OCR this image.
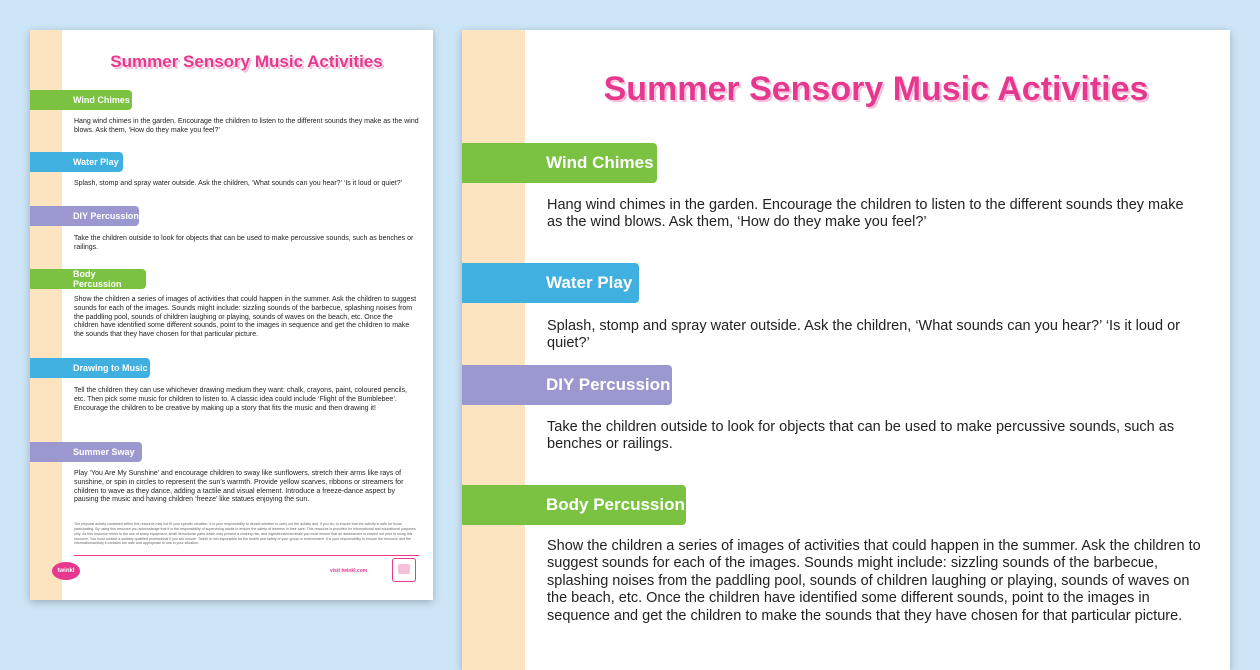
Summer Sensory Music Activities
Wind Chimes
Hang wind chimes in the garden. Encourage the children to listen to the different sounds they make as the wind blows. Ask them, ‘How do they make you feel?’
Water Play
Splash, stomp and spray water outside. Ask the children, ‘What sounds can you hear?’ ‘Is it loud or quiet?’
DIY Percussion
Take the children outside to look for objects that can be used to make percussive sounds, such as benches or railings.
Body Percussion
Show the children a series of images of activities that could happen in the summer. Ask the children to suggest sounds for each of the images. Sounds might include: sizzling sounds of the barbecue, splashing noises from the paddling pool, sounds of children laughing or playing, sounds of waves on the beach, etc. Once the children have identified some different sounds, point to the images in sequence and get the children to make the sounds that they have chosen for that particular picture.
Drawing to Music
Tell the children they can use whichever drawing medium they want: chalk, crayons, paint, coloured pencils, etc. Then pick some music for children to listen to. A classic idea could include ‘Flight of the Bumblebee’. Encourage the children to be creative by making up a story that fits the music and then drawing it!
Summer Sway
Play ‘You Are My Sunshine’ and encourage children to sway like sunflowers, stretch their arms like rays of sunshine, or spin in circles to represent the sun’s warmth. Provide yellow scarves, ribbons or streamers for children to wave as they dance, adding a tactile and visual element. Introduce a freeze-dance aspect by pausing the music and having children ‘freeze’ like statues enjoying the sun.
The physical activity contained within this resource may not fit your specific situation. It is your responsibility to decide whether to carry out the activity and, if you do, to ensure that the activity is safe for those participating. By using this resource you acknowledge that it is the responsibility of supervising adults to ensure the safety of learners in their care. This resource is provided for informational and educational purposes only. As this resource refers to the use of sharp equipment, small items/loose parts which may present a choking risk, and ingredients/chemicals you must ensure that an assessment is carried out prior to using this resource. You must contact a suitably qualified professional if you are unsure. Twinkl is not responsible for the health and safety of your group or environment. It is your responsibility to ensure the resource and the information/activity it contains are safe and appropriate to use in your situation.
twinkl	visit twinkl.com
Summer Sensory Music Activities
Wind Chimes
Hang wind chimes in the garden. Encourage the children to listen to the different sounds they make as the wind blows. Ask them, ‘How do they make you feel?’
Water Play
Splash, stomp and spray water outside. Ask the children, ‘What sounds can you hear?’ ‘Is it loud or quiet?’
DIY Percussion
Take the children outside to look for objects that can be used to make percussive sounds, such as benches or railings.
Body Percussion
Show the children a series of images of activities that could happen in the summer. Ask the children to suggest sounds for each of the images. Sounds might include: sizzling sounds of the barbecue, splashing noises from the paddling pool, sounds of children laughing or playing, sounds of waves on the beach, etc. Once the children have identified some different sounds, point to the images in sequence and get the children to make the sounds that they have chosen for that particular picture.
